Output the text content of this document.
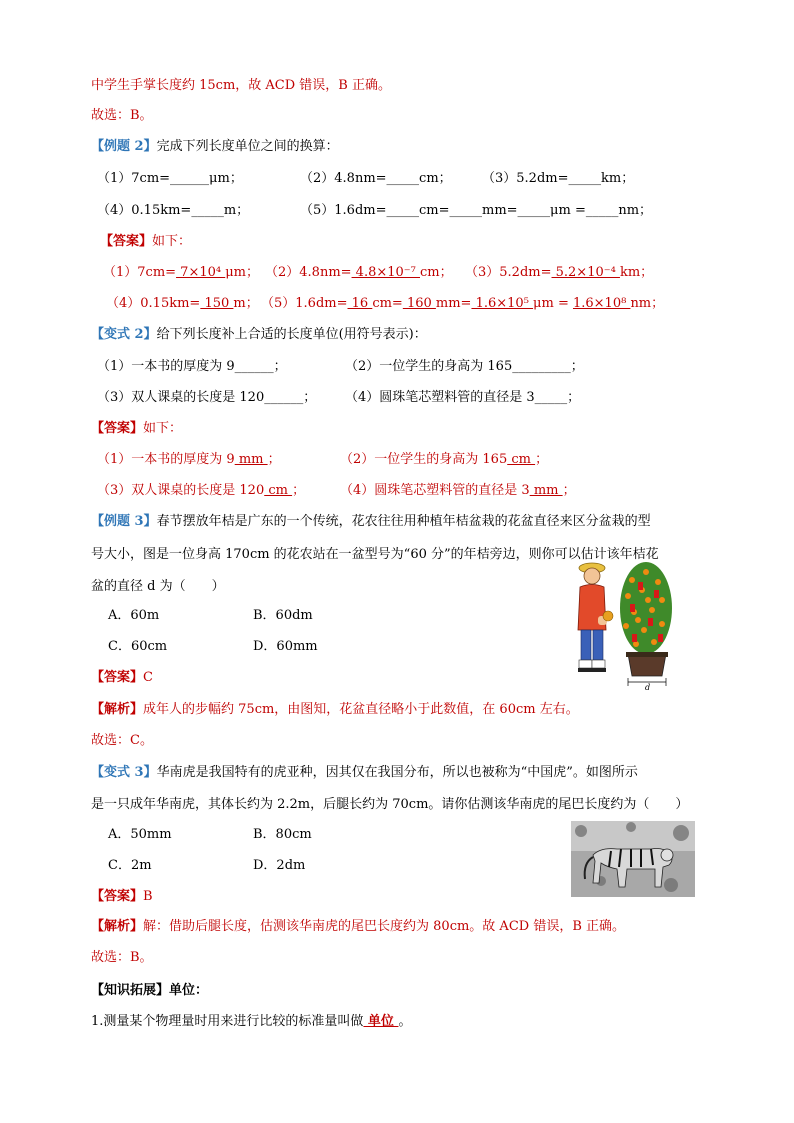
中学生手掌长度约 15cm，故 ACD 错误，B 正确。
故选：B。
【例题 2】完成下列长度单位之间的换算：
（1）7cm=______μm；	（2）4.8nm=_____cm； （3）5.2dm=_____km；
（4）0.15km=_____m；	（5）1.6dm=_____cm=_____mm=_____μm =_____nm；
【答案】如下：
（1）7cm= 7×10⁴ μm； （2）4.8nm= 4.8×10⁻⁷ cm； （3）5.2dm= 5.2×10⁻⁴ km；
（4）0.15km= 150 m； （5）1.6dm= 16 cm= 160 mm= 1.6×10⁵ μm = 1.6×10⁸ nm；
【变式 2】给下列长度补上合适的长度单位(用符号表示)：
（1）一本书的厚度为 9______；	（2）一位学生的身高为 165_________；
（3）双人课桌的长度是 120______； （4）圆珠笔芯塑料管的直径是 3_____；
【答案】如下：
（1）一本书的厚度为 9 mm ；	（2）一位学生的身高为 165 cm ；
（3）双人课桌的长度是 120 cm ；	（4）圆珠笔芯塑料管的直径是 3 mm ；
【例题 3】春节摆放年桔是广东的一个传统，花农往往用种植年桔盆栽的花盆直径来区分盆栽的型
号大小，图是一位身高 170cm 的花农站在一盆型号为“60 分”的年桔旁边，则你可以估计该年桔花
盆的直径 d 为（　　）
A．60m	B．60dm
C．60cm	D．60mm
d
【答案】C
【解析】成年人的步幅约 75cm，由图知，花盆直径略小于此数值，在 60cm 左右。
故选：C。
【变式 3】华南虎是我国特有的虎亚种，因其仅在我国分布，所以也被称为“中国虎”。如图所示
是一只成年华南虎，其体长约为 2.2m，后腿长约为 70cm。请你估测该华南虎的尾巴长度约为（　　）
A．50mm	B．80cm
C．2m	D．2dm
【答案】B
【解析】解：借助后腿长度，估测该华南虎的尾巴长度约为 80cm。故 ACD 错误，B 正确。
故选：B。
【知识拓展】单位：
1.测量某个物理量时用来进行比较的标准量叫做 单位 。
